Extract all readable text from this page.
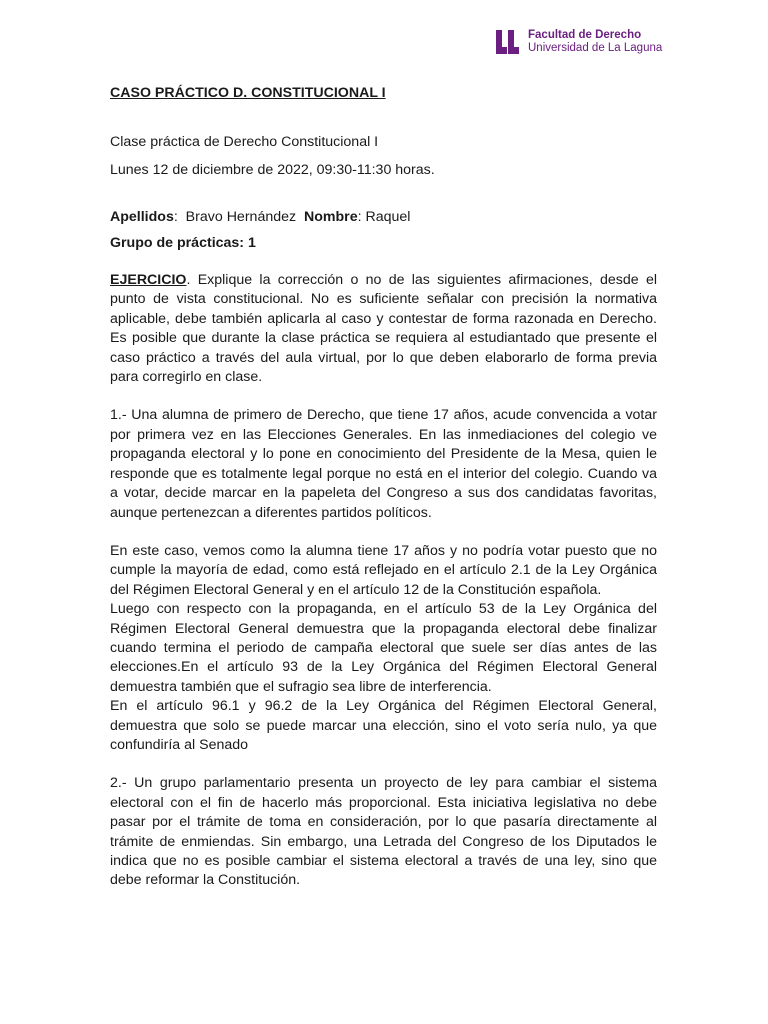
Facultad de Derecho
Universidad de La Laguna

CASO PRÁCTICO D. CONSTITUCIONAL I

Clase práctica de Derecho Constitucional I

Lunes 12 de diciembre de 2022, 09:30-11:30 horas.

Apellidos:  Bravo Hernández  Nombre: Raquel

Grupo de prácticas: 1

EJERCICIO. Explique la corrección o no de las siguientes afirmaciones, desde el punto de vista constitucional. No es suficiente señalar con precisión la normativa aplicable, debe también aplicarla al caso y contestar de forma razonada en Derecho. Es posible que durante la clase práctica se requiera al estudiantado que presente el caso práctico a través del aula virtual, por lo que deben elaborarlo de forma previa para corregirlo en clase.

1.- Una alumna de primero de Derecho, que tiene 17 años, acude convencida a votar por primera vez en las Elecciones Generales. En las inmediaciones del colegio ve propaganda electoral y lo pone en conocimiento del Presidente de la Mesa, quien le responde que es totalmente legal porque no está en el interior del colegio. Cuando va a votar, decide marcar en la papeleta del Congreso a sus dos candidatas favoritas, aunque pertenezcan a diferentes partidos políticos.

En este caso, vemos como la alumna tiene 17 años y no podría votar puesto que no cumple la mayoría de edad, como está reflejado en el artículo 2.1 de la Ley Orgánica del Régimen Electoral General y en el artículo 12 de la Constitución española.

Luego con respecto con la propaganda, en el artículo 53 de la Ley Orgánica del Régimen Electoral General demuestra que la propaganda electoral debe finalizar cuando termina el periodo de campaña electoral que suele ser días antes de las elecciones.En el artículo 93 de la Ley Orgánica del Régimen Electoral General demuestra también que el sufragio sea libre de interferencia.

En el artículo 96.1 y 96.2 de la Ley Orgánica del Régimen Electoral General, demuestra que solo se puede marcar una elección, sino el voto sería nulo, ya que confundiría al Senado

2.- Un grupo parlamentario presenta un proyecto de ley para cambiar el sistema electoral con el fin de hacerlo más proporcional. Esta iniciativa legislativa no debe pasar por el trámite de toma en consideración, por lo que pasaría directamente al trámite de enmiendas. Sin embargo, una Letrada del Congreso de los Diputados le indica que no es posible cambiar el sistema electoral a través de una ley, sino que debe reformar la Constitución.
